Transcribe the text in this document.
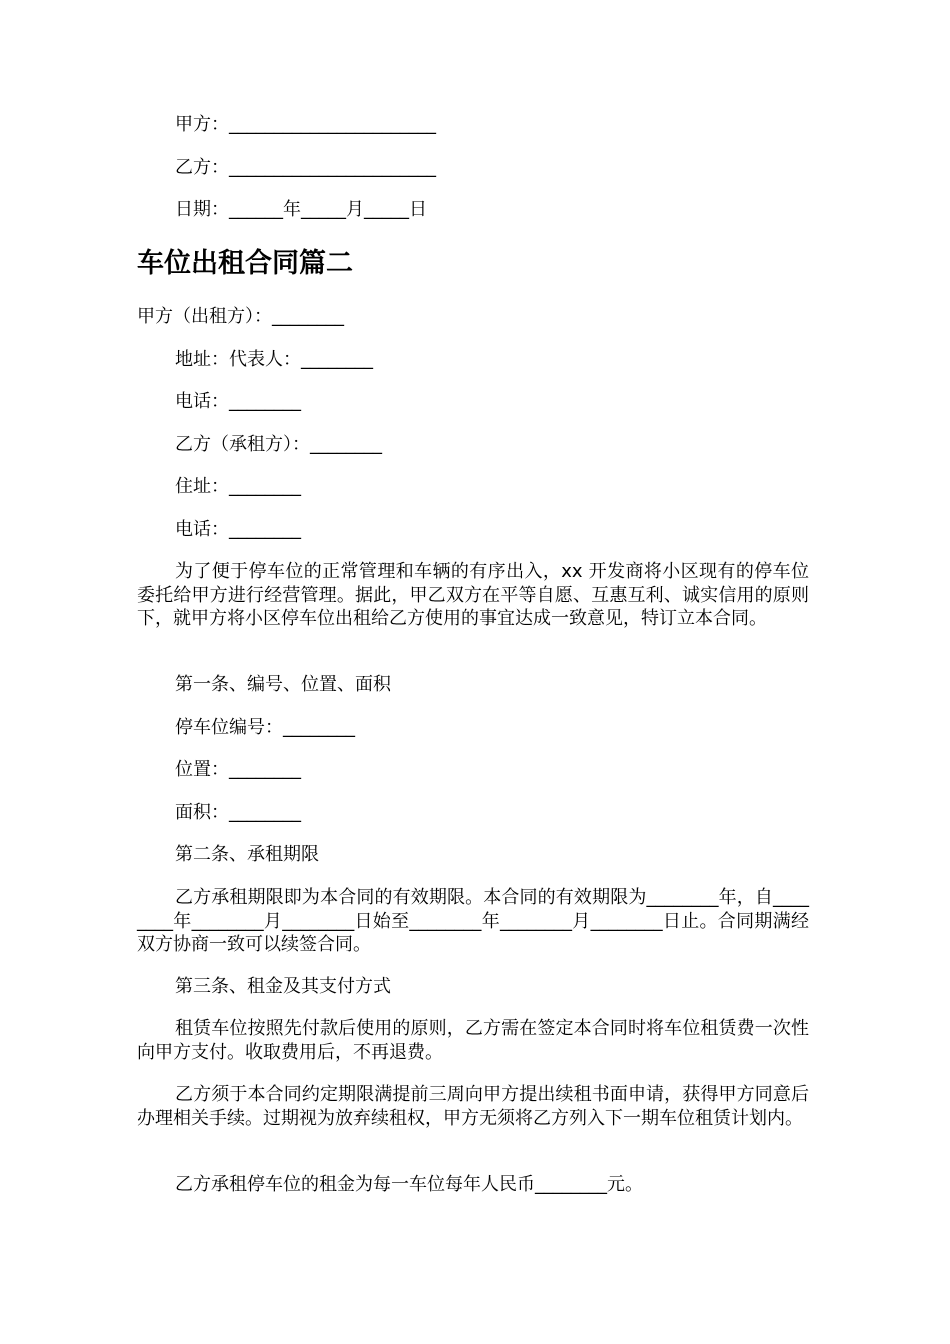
甲方：_______________________
乙方：_______________________
日期：______年_____月_____日
车位出租合同篇二
甲方（出租方）：________
地址：代表人：________
电话：________
乙方（承租方）：________
住址：________
电话：________
为了便于停车位的正常管理和车辆的有序出入，xx 开发商将小区现有的停车位委托给甲方进行经营管理。据此，甲乙双方在平等自愿、互惠互利、诚实信用的原则下，就甲方将小区停车位出租给乙方使用的事宜达成一致意见，特订立本合同。
第一条、编号、位置、面积
停车位编号：________
位置：________
面积：________
第二条、承租期限
乙方承租期限即为本合同的有效期限。本合同的有效期限为________年，自________年________月________日始至________年________月________日止。合同期满经双方协商一致可以续签合同。
第三条、租金及其支付方式
租赁车位按照先付款后使用的原则，乙方需在签定本合同时将车位租赁费一次性向甲方支付。收取费用后，不再退费。
乙方须于本合同约定期限满提前三周向甲方提出续租书面申请，获得甲方同意后办理相关手续。过期视为放弃续租权，甲方无须将乙方列入下一期车位租赁计划内。
乙方承租停车位的租金为每一车位每年人民币________元。
